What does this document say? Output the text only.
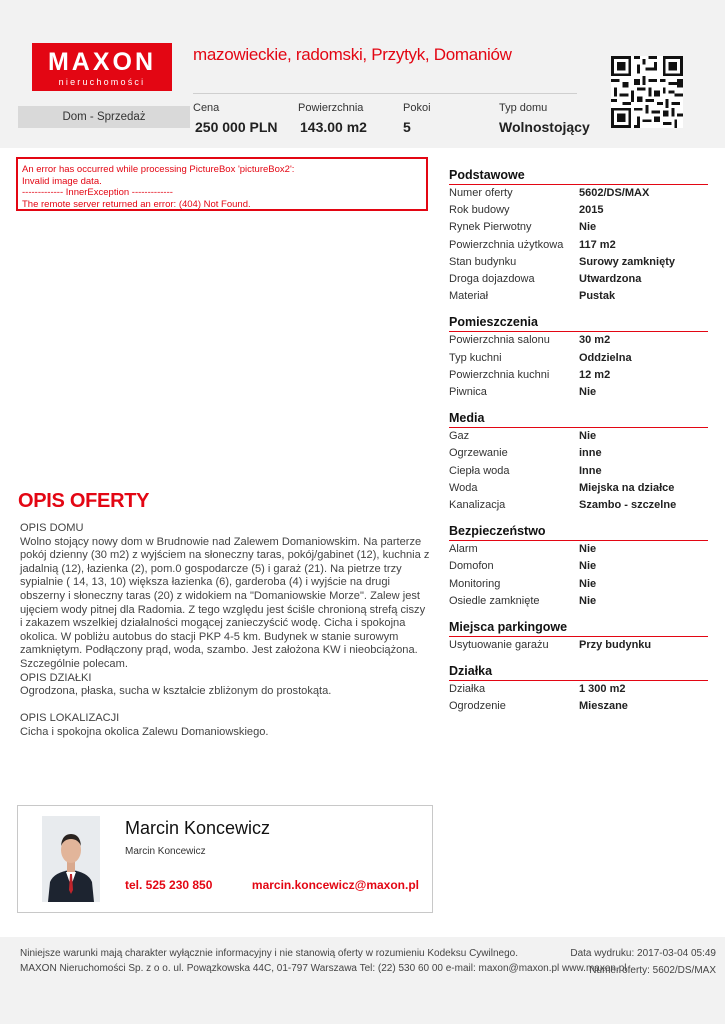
MAXON
nieruchomości
mazowieckie, radomski, Przytyk, Domaniów
Dom - Sprzedaż
Cena
250 000 PLN
Powierzchnia
143.00 m2
Pokoi
5
Typ domu
Wolnostojący
An error has occurred while processing PictureBox 'pictureBox2':
Invalid image data.
------------- InnerException -------------
The remote server returned an error: (404) Not Found.
OPIS OFERTY

OPIS DOMU

Wolno stojący nowy dom w Brudnowie nad Zalewem Domaniowskim. Na parterze pokój dzienny (30 m2) z wyjściem na słoneczny taras, pokój/gabinet (12), kuchnia z jadalnią (12), łazienka (2), pom.0 gospodarcze (5) i garaż (21). Na pietrze trzy sypialnie ( 14, 13, 10) większa łazienka (6), garderoba (4) i wyjście na drugi obszerny i słoneczny taras (20) z widokiem na "Domaniowskie Morze". Zalew jest ujęciem wody pitnej dla Radomia. Z tego względu jest ściśle chronioną strefą ciszy i zakazem wszelkiej działalności mogącej zanieczyścić wodę. Cicha i spokojna okolica. W pobliżu autobus do stacji PKP 4-5 km. Budynek w stanie surowym zamkniętym. Podłączony prąd, woda, szambo. Jest założona KW i nieobciążona. Szczególnie polecam.

OPIS DZIAŁKI

Ogrodzona, płaska, sucha w kształcie zbliżonym do prostokąta.

OPIS LOKALIZACJI

Cicha i spokojna okolica Zalewu Domaniowskiego.

Podstawowe
Numer oferty	5602/DS/MAX
Rok budowy	2015
Rynek Pierwotny	Nie
Powierzchnia użytkowa	117 m2
Stan budynku	Surowy zamknięty
Droga dojazdowa	Utwardzona
Materiał	Pustak
Pomieszczenia
Powierzchnia salonu	30 m2
Typ kuchni	Oddzielna
Powierzchnia kuchni	12 m2
Piwnica	Nie
Media
Gaz	Nie
Ogrzewanie	inne
Ciepła woda	Inne
Woda	Miejska na działce
Kanalizacja	Szambo - szczelne
Bezpieczeństwo
Alarm	Nie
Domofon	Nie
Monitoring	Nie
Osiedle zamknięte	Nie
Miejsca parkingowe
Usytuowanie garażu	Przy budynku
Działka
Działka	1 300 m2
Ogrodzenie	Mieszane
Marcin Koncewicz
Marcin Koncewicz
tel. 525 230 850	marcin.koncewicz@maxon.pl
Niniejsze warunki mają charakter wyłącznie informacyjny i nie stanowią oferty w rozumieniu Kodeksu Cywilnego.
MAXON Nieruchomości Sp. z o o. ul. Powązkowska 44C, 01-797 Warszawa Tel: (22) 530 60 00 e-mail: maxon@maxon.pl www.maxon.pl
Data wydruku: 2017-03-04 05:49
Numer oferty: 5602/DS/MAX
